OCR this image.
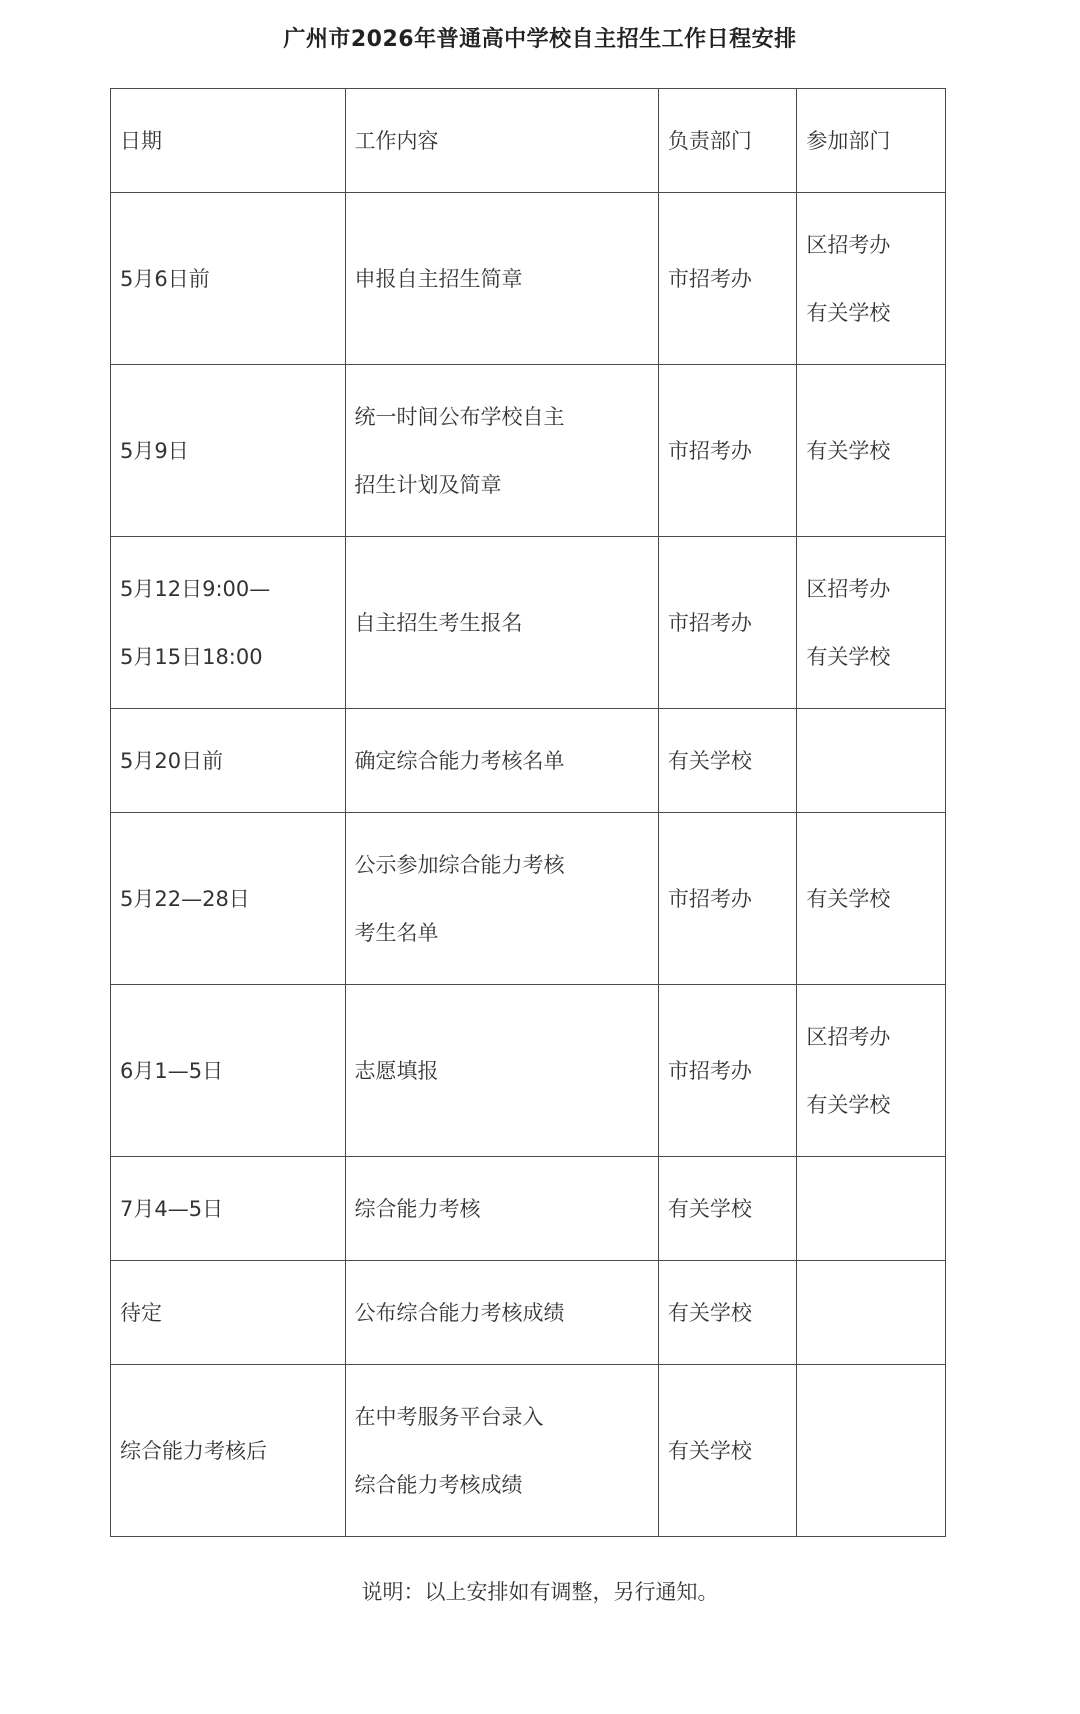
广州市2026年普通高中学校自主招生工作日程安排
日期	工作内容	负责部门	参加部门

5月6日前	申报自主招生简章	市招考办	区招考办
有关学校

5月9日	统一时间公布学校自主
招生计划及简章	市招考办	有关学校

5月12日9:00—
5月15日18:00	自主招生考生报名	市招考办	区招考办
有关学校

5月20日前	确定综合能力考核名单	有关学校	

5月22—28日	公示参加综合能力考核
考生名单	市招考办	有关学校

6月1—5日	志愿填报	市招考办	区招考办
有关学校

7月4—5日	综合能力考核	有关学校	

待定	公布综合能力考核成绩	有关学校	

综合能力考核后	在中考服务平台录入
综合能力考核成绩	有关学校	

说明：以上安排如有调整，另行通知。
